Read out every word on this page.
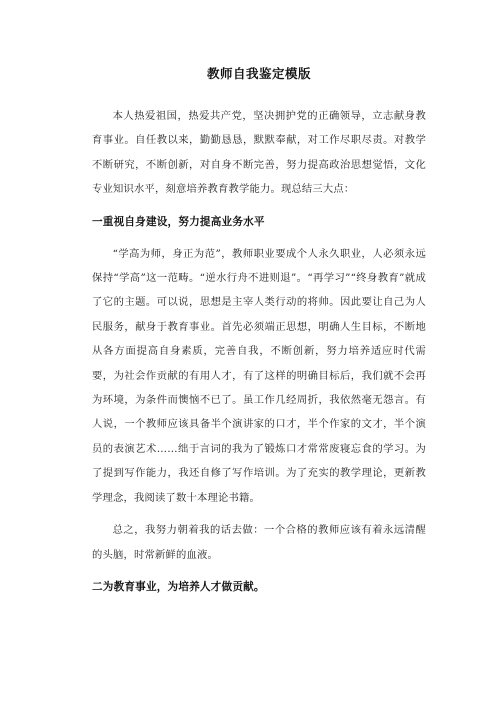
教师自我鉴定模版

本人热爱祖国，热爱共产党，坚决拥护党的正确领导，立志献身教育事业。自任教以来，勤勤恳恳，默默奉献，对工作尽职尽责。对教学不断研究，不断创新，对自身不断完善，努力提高政治思想觉悟，文化专业知识水平，刻意培养教育教学能力。现总结三大点：

一重视自身建设，努力提高业务水平

“学高为师，身正为范”，教师职业要成个人永久职业，人必须永远保持“学高”这一范畴。“逆水行舟不进则退”。“再学习”“终身教育”就成了它的主题。可以说，思想是主宰人类行动的将帅。因此要让自己为人民服务，献身于教育事业。首先必须端正思想，明确人生目标，不断地从各方面提高自身素质，完善自我，不断创新，努力培养适应时代需要，为社会作贡献的有用人才，有了这样的明确目标后，我们就不会再为环境，为条件而懊恼不已了。虽工作几经周折，我依然毫无怨言。有人说，一个教师应该具备半个演讲家的口才，半个作家的文才，半个演员的表演艺术……绌于言词的我为了锻炼口才常常废寝忘食的学习。为了提到写作能力，我还自修了写作培训。为了充实的教学理论，更新教学理念，我阅读了数十本理论书籍。

总之，我努力朝着我的话去做：一个合格的教师应该有着永远清醒的头脑，时常新鲜的血液。

二为教育事业，为培养人才做贡献。
